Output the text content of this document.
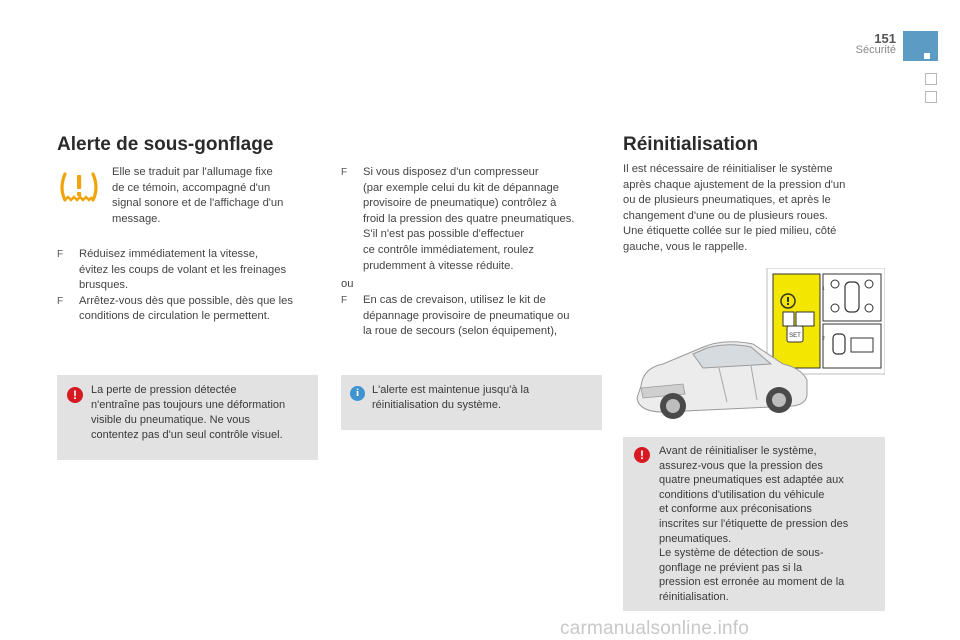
151
Sécurité
Alerte de sous-gonflage
Elle se traduit par l'allumage fixe
de ce témoin, accompagné d'un
signal sonore et de l'affichage d'un
message.
F Réduisez immédiatement la vitesse,
évitez les coups de volant et les freinages
brusques.
F Arrêtez-vous dès que possible, dès que les
conditions de circulation le permettent.
!	La perte de pression détectée
n'entraîne pas toujours une déformation
visible du pneumatique. Ne vous
contentez pas d'un seul contrôle visuel.
F Si vous disposez d'un compresseur
(par exemple celui du kit de dépannage
provisoire de pneumatique) contrôlez à
froid la pression des quatre pneumatiques.
S'il n'est pas possible d'effectuer
ce contrôle immédiatement, roulez
prudemment à vitesse réduite.
ou
F En cas de crevaison, utilisez le kit de
dépannage provisoire de pneumatique ou
la roue de secours (selon équipement),
i	L'alerte est maintenue jusqu'à la
réinitialisation du système.
Réinitialisation
Il est nécessaire de réinitialiser le système
après chaque ajustement de la pression d'un
ou de plusieurs pneumatiques, et après le
changement d'une ou de plusieurs roues.
Une étiquette collée sur le pied milieu, côté
gauche, vous le rappelle.
SET
1
2
!	Avant de réinitialiser le système,
assurez-vous que la pression des
quatre pneumatiques est adaptée aux
conditions d'utilisation du véhicule
et conforme aux préconisations
inscrites sur l'étiquette de pression des
pneumatiques.
Le système de détection de sous-
gonflage ne prévient pas si la
pression est erronée au moment de la
réinitialisation.
carmanualsonline.info
